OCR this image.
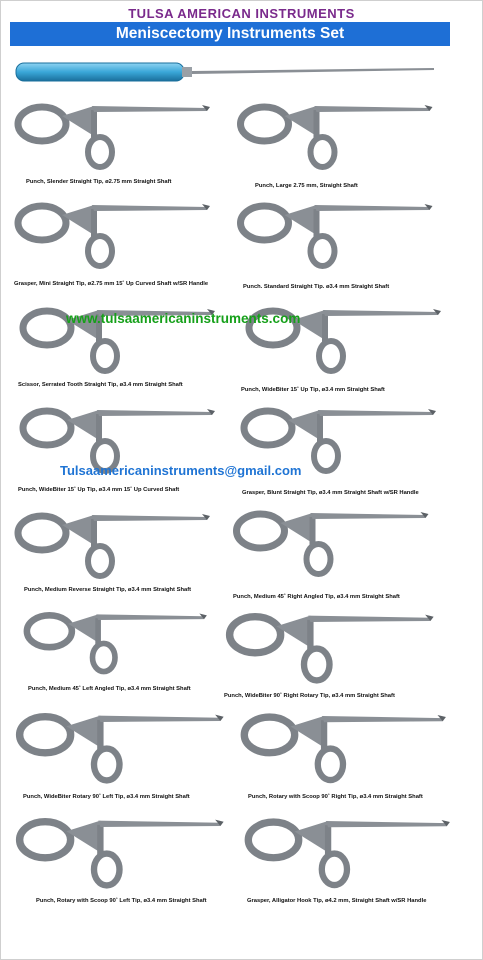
TULSA AMERICAN INSTRUMENTS
Meniscectomy Instruments Set
Punch, Slender Straight Tip, ø2.75 mm Straight Shaft
Punch, Large 2.75 mm, Straight Shaft
Grasper, Mini Straight Tip, ø2.75 mm 15˚ Up Curved Shaft w/SR Handle	Punch. Standard Straight Tip. ø3.4 mm Straight Shaft
Scissor, Serrated Tooth Straight Tip, ø3.4 mm Straight Shaft
Punch, WideBiter 15˚ Up Tip, ø3.4 mm Straight Shaft
Punch, WideBiter 15˚ Up Tip, ø3.4 mm 15˚ Up Curved Shaft	Grasper, Blunt Straight Tip, ø3.4 mm Straight Shaft w/SR Handle
Punch, Medium Reverse Straight Tip, ø3.4 mm Straight Shaft
Punch, Medium 45˚ Right Angled Tip, ø3.4 mm Straight Shaft
Punch, Medium 45˚ Left Angled Tip, ø3.4 mm Straight Shaft
Punch, WideBiter 90˚ Right Rotary Tip, ø3.4 mm Straight Shaft
Punch, WideBiter Rotary 90˚ Left Tip, ø3.4 mm Straight Shaft	Punch, Rotary with Scoop 90˚ Right Tip, ø3.4 mm Straight Shaft
Punch, Rotary with Scoop 90˚ Left Tip, ø3.4 mm Straight Shaft	Grasper, Alligator Hook Tip, ø4.2 mm, Straight Shaft w/SR Handle
www.tulsaamericaninstruments.com
Tulsaamericaninstruments@gmail.com
